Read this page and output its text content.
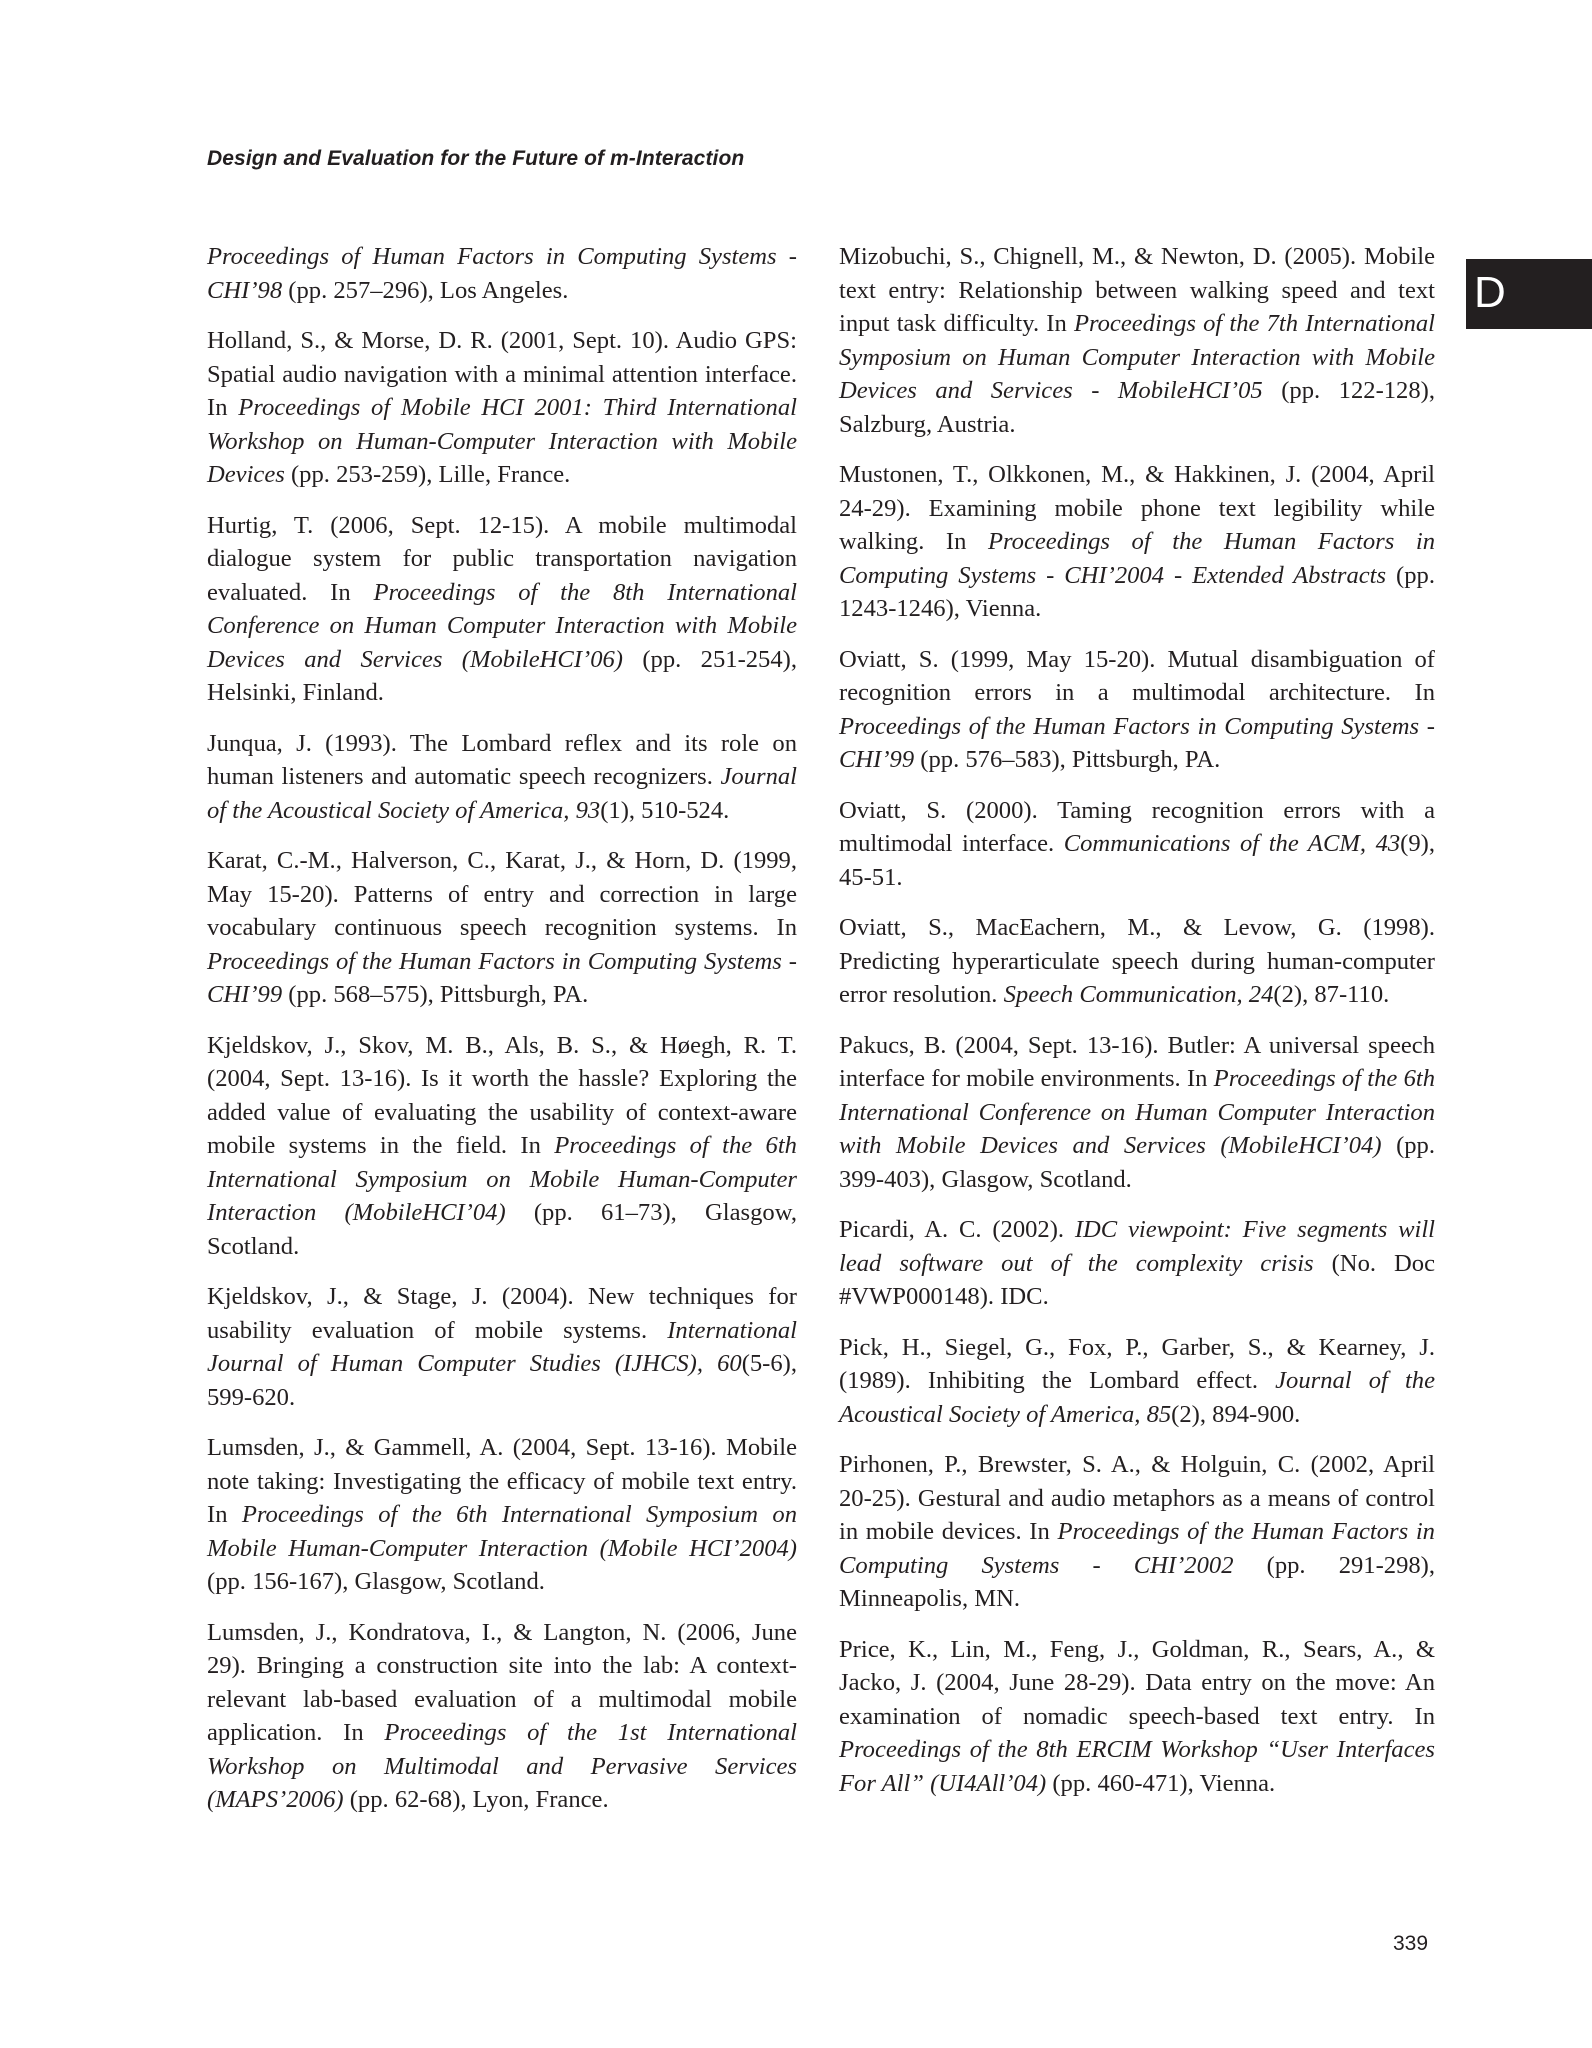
Design and Evaluation for the Future of m-Interaction
D

Proceedings of Human Factors in Computing Systems - CHI’98 (pp. 257–296), Los Angeles.

Holland, S., & Morse, D. R. (2001, Sept. 10). Audio GPS: Spatial audio navigation with a minimal attention interface. In Proceedings of Mobile HCI 2001: Third International Workshop on Human-Computer Interaction with Mobile Devices (pp. 253-259), Lille, France.

Hurtig, T. (2006, Sept. 12-15). A mobile multimodal dialogue system for public transportation navigation evaluated. In Proceedings of the 8th International Conference on Human Computer Interaction with Mobile Devices and Services (MobileHCI’06) (pp. 251-254), Helsinki, Finland.

Junqua, J. (1993). The Lombard reflex and its role on human listeners and automatic speech recognizers. Journal of the Acoustical Society of America, 93(1), 510-524.

Karat, C.-M., Halverson, C., Karat, J., & Horn, D. (1999, May 15-20). Patterns of entry and correction in large vocabulary continuous speech recognition systems. In Proceedings of the Human Factors in Computing Systems - CHI’99 (pp. 568–575), Pittsburgh, PA.

Kjeldskov, J., Skov, M. B., Als, B. S., & Høegh, R. T. (2004, Sept. 13-16). Is it worth the hassle? Exploring the added value of evaluating the usability of context-aware mobile systems in the field. In Proceedings of the 6th International Symposium on Mobile Human-Computer Interaction (MobileHCI’04) (pp. 61–73), Glasgow, Scotland.

Kjeldskov, J., & Stage, J. (2004). New techniques for usability evaluation of mobile systems. International Journal of Human Computer Studies (IJHCS), 60(5-6), 599-620.

Lumsden, J., & Gammell, A. (2004, Sept. 13-16). Mobile note taking: Investigating the efficacy of mobile text entry. In Proceedings of the 6th International Symposium on Mobile Human-Computer Interaction (Mobile HCI’2004) (pp. 156-167), Glasgow, Scotland.

Lumsden, J., Kondratova, I., & Langton, N. (2006, June 29). Bringing a construction site into the lab: A context-relevant lab-based evaluation of a multimodal mobile application. In Proceedings of the 1st International Workshop on Multimodal and Pervasive Services (MAPS’2006) (pp. 62-68), Lyon, France.

Mizobuchi, S., Chignell, M., & Newton, D. (2005). Mobile text entry: Relationship between walking speed and text input task difficulty. In Proceedings of the 7th International Symposium on Human Computer Interaction with Mobile Devices and Services - MobileHCI’05 (pp. 122-128), Salzburg, Austria.

Mustonen, T., Olkkonen, M., & Hakkinen, J. (2004, April 24-29). Examining mobile phone text legibility while walking. In Proceedings of the Human Factors in Computing Systems - CHI’2004 - Extended Abstracts (pp. 1243-1246), Vienna.

Oviatt, S. (1999, May 15-20). Mutual disambiguation of recognition errors in a multimodal architecture. In Proceedings of the Human Factors in Computing Systems - CHI’99 (pp. 576–583), Pittsburgh, PA.

Oviatt, S. (2000). Taming recognition errors with a multimodal interface. Communications of the ACM, 43(9), 45-51.

Oviatt, S., MacEachern, M., & Levow, G. (1998). Predicting hyperarticulate speech during human-computer error resolution. Speech Communication, 24(2), 87-110.

Pakucs, B. (2004, Sept. 13-16). Butler: A universal speech interface for mobile environments. In Proceedings of the 6th International Conference on Human Computer Interaction with Mobile Devices and Services (MobileHCI’04) (pp. 399-403), Glasgow, Scotland.

Picardi, A. C. (2002). IDC viewpoint: Five segments will lead software out of the complexity crisis (No. Doc #VWP000148). IDC.

Pick, H., Siegel, G., Fox, P., Garber, S., & Kearney, J. (1989). Inhibiting the Lombard effect. Journal of the Acoustical Society of America, 85(2), 894-900.

Pirhonen, P., Brewster, S. A., & Holguin, C. (2002, April 20-25). Gestural and audio metaphors as a means of control in mobile devices. In Proceedings of the Human Factors in Computing Systems - CHI’2002 (pp. 291-298), Minneapolis, MN.

Price, K., Lin, M., Feng, J., Goldman, R., Sears, A., & Jacko, J. (2004, June 28-29). Data entry on the move: An examination of nomadic speech-based text entry. In Proceedings of the 8th ERCIM Workshop “User Interfaces For All” (UI4All’04) (pp. 460-471), Vienna.

339
